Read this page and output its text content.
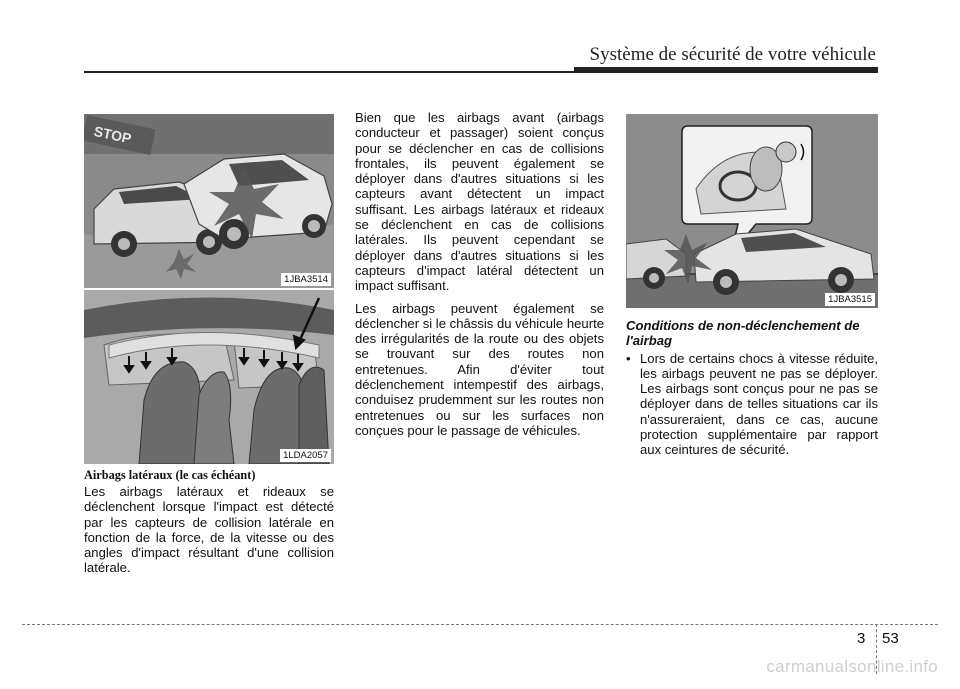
Système de sécurité de votre véhicule
STOP
1JBA3514
1LDA2057
Airbags latéraux (le cas échéant)

Les airbags latéraux et rideaux se déclenchent lorsque l'impact est détecté par les capteurs de collision latérale en fonction de la force, de la vitesse ou des angles d'impact résultant d'une collision latérale.

Bien que les airbags avant (airbags conducteur et passager) soient conçus pour se déclencher en cas de collisions frontales, ils peuvent également se déployer dans d'autres situations si les capteurs avant détectent un impact suffisant. Les airbags latéraux et rideaux se déclenchent en cas de collisions latérales. Ils peuvent cependant se déployer dans d'autres situations si les capteurs d'impact latéral détectent un impact suffisant.

Les airbags peuvent également se déclencher si le châssis du véhicule heurte des irrégularités de la route ou des objets se trouvant sur des routes non entretenues. Afin d'éviter tout déclenchement intempestif des airbags, conduisez prudemment sur les routes non entretenues ou sur les surfaces non conçues pour le passage de véhicules.

1JBA3515

Conditions de non-déclenchement de l'airbag

• Lors de certains chocs à vitesse réduite, les airbags peuvent ne pas se déployer. Les airbags sont conçus pour ne pas se déployer dans de telles situations car ils n'assureraient, dans ce cas, aucune protection supplémentaire par rapport aux ceintures de sécurité.
3 53
carmanualsonline.info
